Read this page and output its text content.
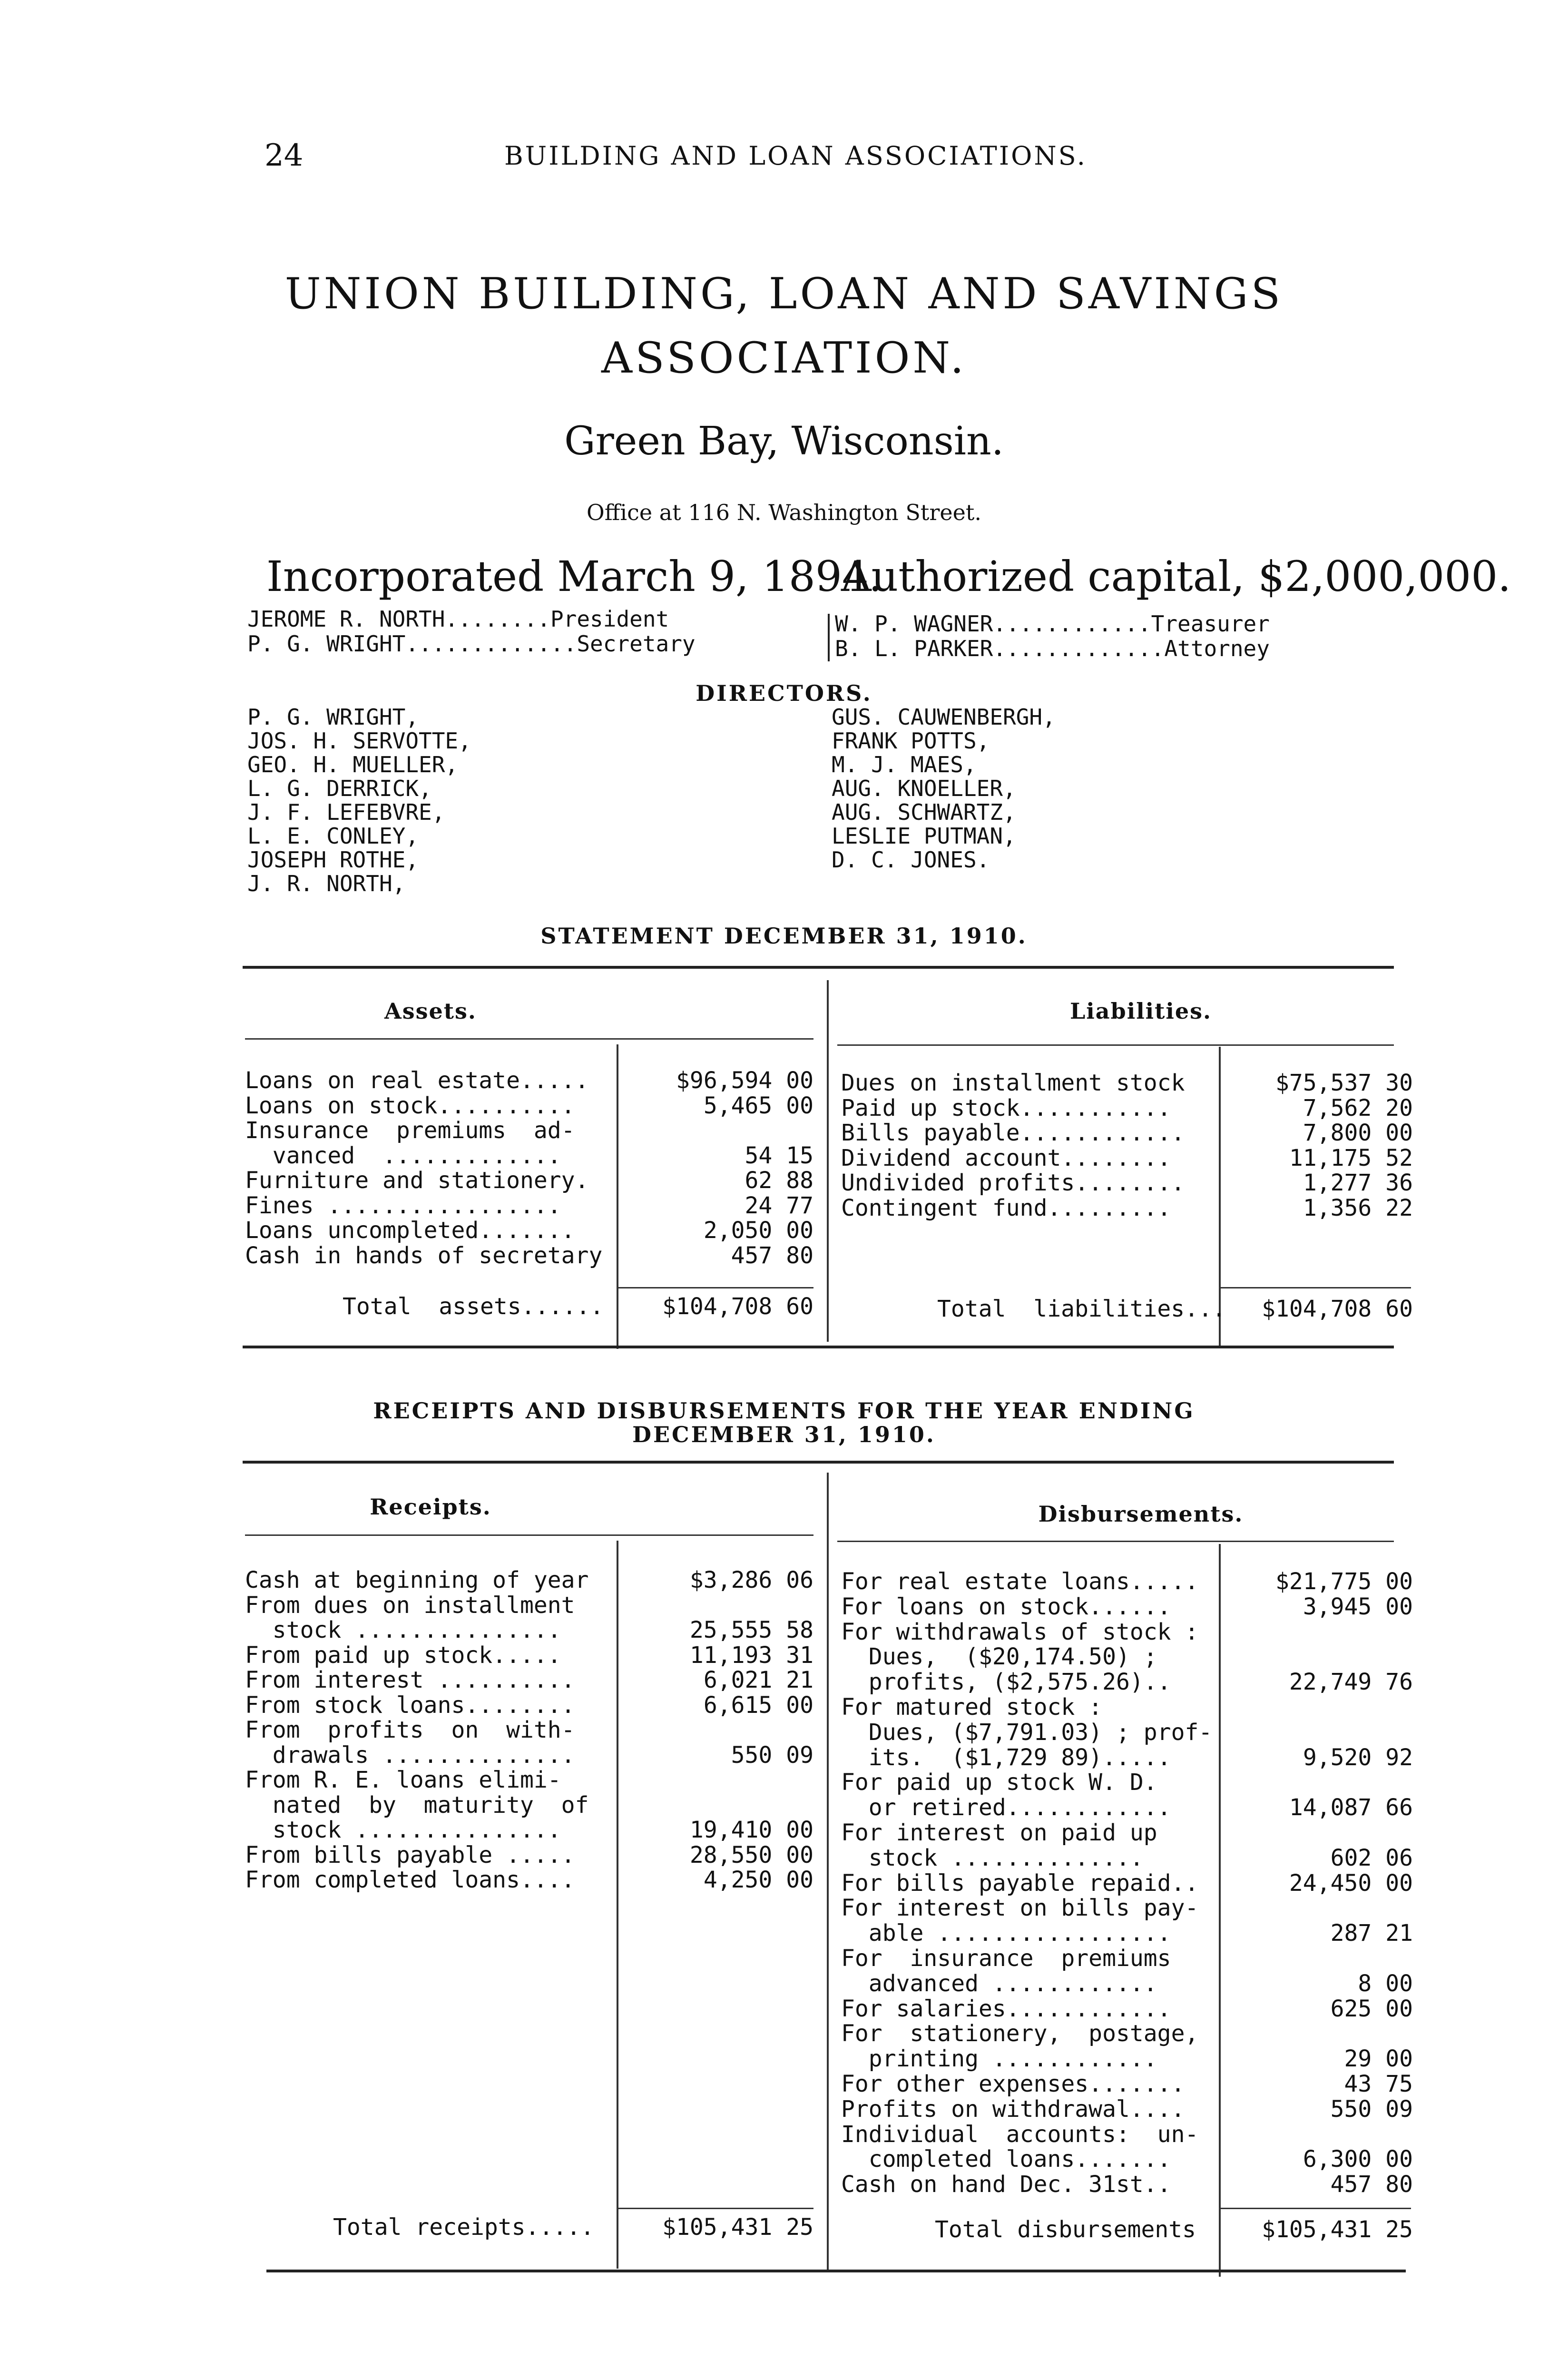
24	BUILDING AND LOAN ASSOCIATIONS.
UNION BUILDING, LOAN AND SAVINGS
ASSOCIATION.
Green Bay, Wisconsin.
Office at 116 N. Washington Street.
Incorporated March 9, 1894.
Authorized capital, $2,000,000.
JEROME R. NORTH........President
P. G. WRIGHT.............Secretary
W. P. WAGNER............Treasurer
B. L. PARKER.............Attorney
DIRECTORS.
P. G. WRIGHT,
JOS. H. SERVOTTE,
GEO. H. MUELLER,
L. G. DERRICK,
J. F. LEFEBVRE,
L. E. CONLEY,
JOSEPH ROTHE,
J. R. NORTH,
GUS. CAUWENBERGH,
FRANK POTTS,
M. J. MAES,
AUG. KNOELLER,
AUG. SCHWARTZ,
LESLIE PUTMAN,
D. C. JONES.
STATEMENT DECEMBER 31, 1910.
Assets.	Liabilities.
Loans on real estate.....	$96,594 00
Loans on stock..........	5,465 00
Insurance  premiums  ad-
vanced  .............	54 15
Furniture and stationery.	62 88
Fines .................	24 77
Loans uncompleted.......	2,050 00
Cash in hands of secretary	457 80
Total  assets......	$104,708 60
Dues on installment stock	$75,537 30
Paid up stock...........	7,562 20
Bills payable............	7,800 00
Dividend account........	11,175 52
Undivided profits........	1,277 36
Contingent fund.........	1,356 22
Total  liabilities...	$104,708 60
RECEIPTS AND DISBURSEMENTS FOR THE YEAR ENDING
DECEMBER 31, 1910.
Receipts.	Disbursements.
Cash at beginning of year	$3,286 06
From dues on installment
stock ...............	25,555 58
From paid up stock.....	11,193 31
From interest ..........	6,021 21
From stock loans........	6,615 00
From  profits  on  with-
drawals ..............	550 09
From R. E. loans elimi-
nated  by  maturity  of
stock ...............	19,410 00
From bills payable .....	28,550 00
From completed loans....	4,250 00
Total receipts.....	$105,431 25
For real estate loans.....	$21,775 00
For loans on stock......	3,945 00
For withdrawals of stock :
Dues,  ($20,174.50) ;
profits, ($2,575.26)..	22,749 76
For matured stock :
Dues, ($7,791.03) ; prof-
its.  ($1,729 89).....	9,520 92
For paid up stock W. D.
or retired............	14,087 66
For interest on paid up
stock ..............	602 06
For bills payable repaid..	24,450 00
For interest on bills pay-
able .................	287 21
For  insurance  premiums
advanced ............	8 00
For salaries............	625 00
For  stationery,  postage,
printing ............	29 00
For other expenses.......	43 75
Profits on withdrawal....	550 09
Individual  accounts:  un-
completed loans.......	6,300 00
Cash on hand Dec. 31st..	457 80
Total disbursements	$105,431 25
